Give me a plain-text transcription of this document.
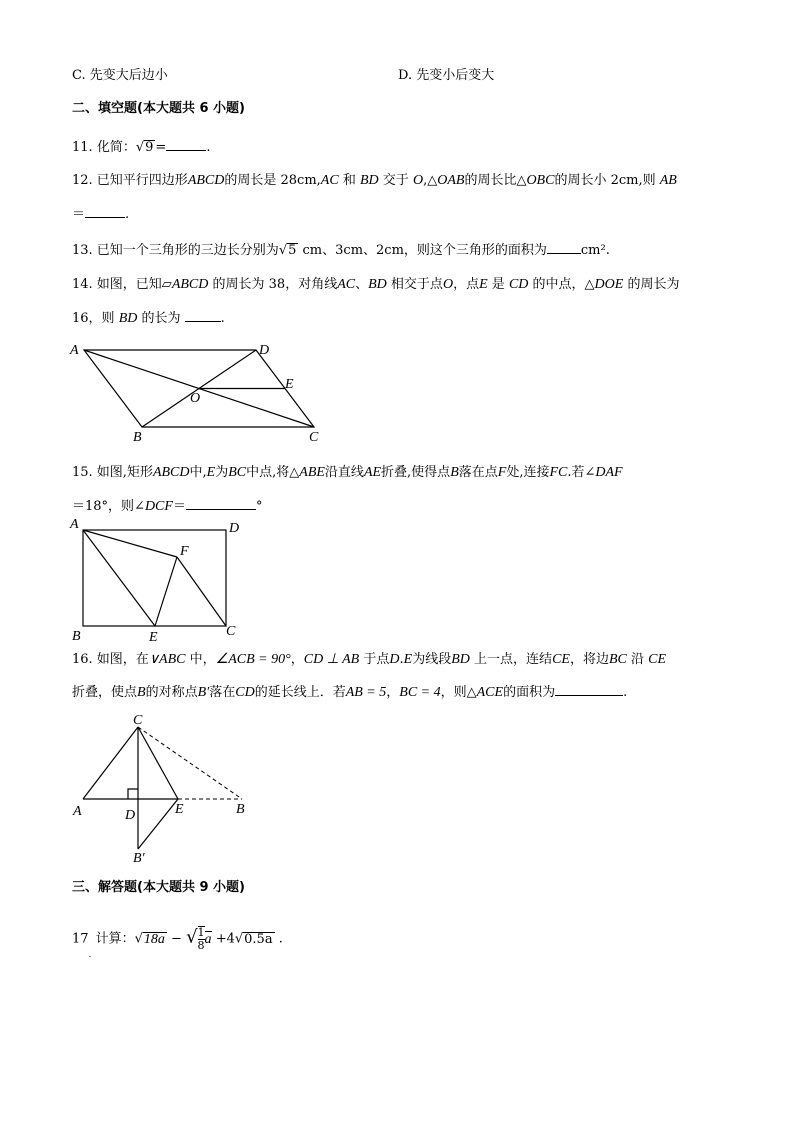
C. 先变大后边小	D. 先变小后变大
二、填空题(本大题共 6 小题)
11. 化简：√9 =	.
12. 已知平行四边形ABCD的周长是 28cm,AC 和 BD 交于 O,△OAB的周长比△OBC的周长小 2cm,则 AB
＝	.
13. 已知一个三角形的三边长分别为√5 cm、3cm、2cm，则这个三角形的面积为	cm².
14. 如图，已知▱ABCD 的周长为 38，对角线AC、BD 相交于点O，点E 是 CD 的中点，△DOE 的周长为
16，则 BD 的长为	.
A	D
E
O
B	C
15. 如图,矩形ABCD中,E为BC中点,将△ABE沿直线AE折叠,使得点B落在点F处,连接FC.若∠DAF
＝18°，则∠DCF＝	°
A	D
F
B	E	C
16. 如图，在∨ABC 中，∠ACB = 90°，CD ⊥ AB 于点D.E为线段BD 上一点，连结CE，将边BC 沿 CE
折叠，使点B的对称点B′落在CD的延长线上．若AB = 5，BC = 4，则△ACE的面积为	.
C
A	D	E	B
B′
三、解答题(本大题共 9 小题)
$17_.$ 计算：√18a − √ $\frac{1}{8}$ a +4√0.5a .
